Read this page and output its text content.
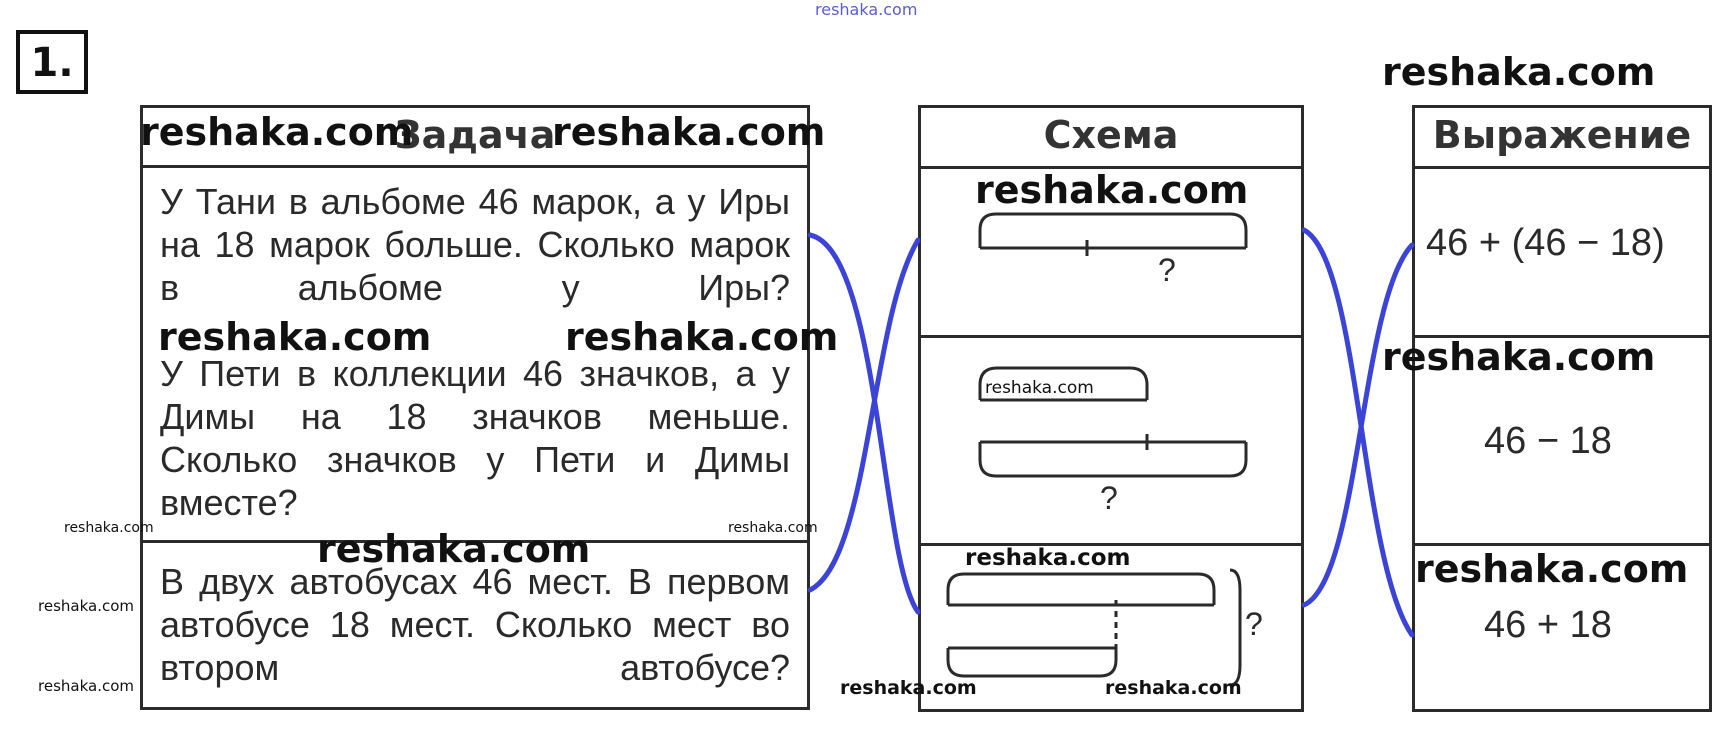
reshaka.com
1.
Задача
У Тани в альбоме 46 марок, а у Иры на 18 марок больше. Сколько марок в альбоме у Иры?
У Пети в коллекции 46 значков, а у Димы на 18 значков меньше. Сколько значков у Пети и Димы вместе?
В двух автобусах 46 мест. В первом автобусе 18 мест. Сколько мест во втором автобусе?
Схема	Выражение
46 + (46 − 18)
46 − 18
46 + 18
?
?
?
reshaka.com	reshaka.com
reshaka.com
reshaka.com
reshaka.com	reshaka.com	reshaka.com
reshaka.com	reshaka.com
reshaka.com
reshaka.com	reshaka.com
reshaka.com
reshaka.com	reshaka.com
reshaka.com
reshaka.com
